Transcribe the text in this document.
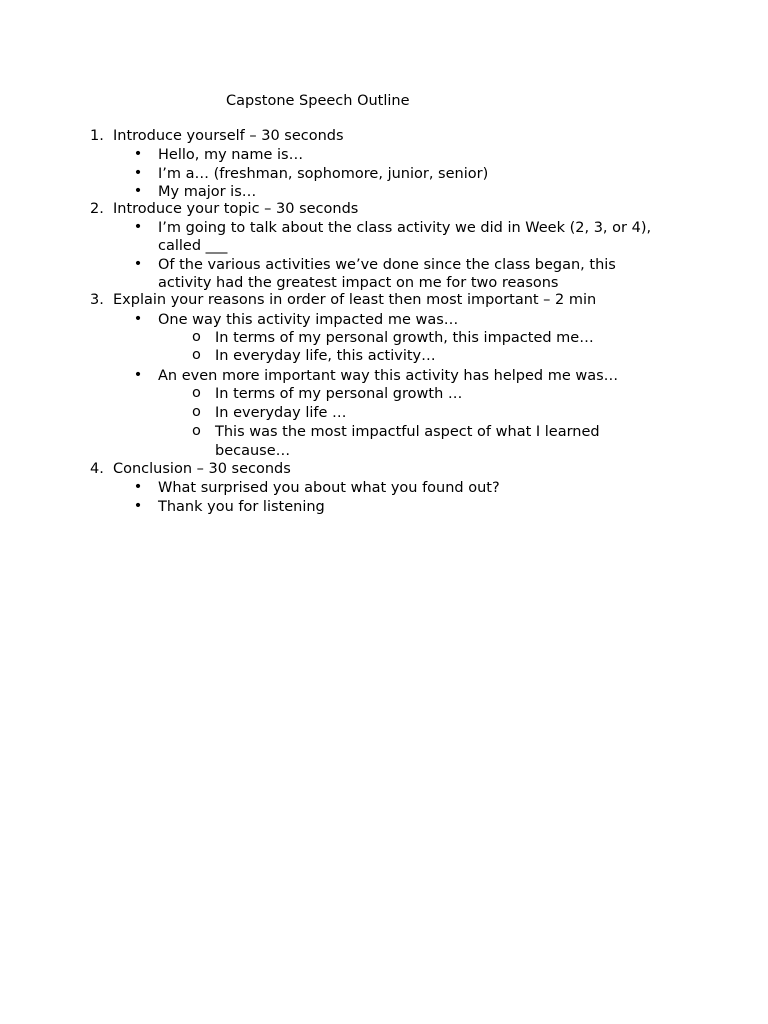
Capstone Speech Outline
1. Introduce yourself – 30 seconds
• Hello, my name is…
• I’m a… (freshman, sophomore, junior, senior)
• My major is…
2. Introduce your topic – 30 seconds
• I’m going to talk about the class activity we did in Week (2, 3, or 4), called ___
• Of the various activities we’ve done since the class began, this activity had the greatest impact on me for two reasons
3. Explain your reasons in order of least then most important – 2 min
• One way this activity impacted me was…
o In terms of my personal growth, this impacted me…
o In everyday life, this activity…
• An even more important way this activity has helped me was…
o In terms of my personal growth …
o In everyday life …
o This was the most impactful aspect of what I learned because…
4. Conclusion – 30 seconds
• What surprised you about what you found out?
• Thank you for listening
